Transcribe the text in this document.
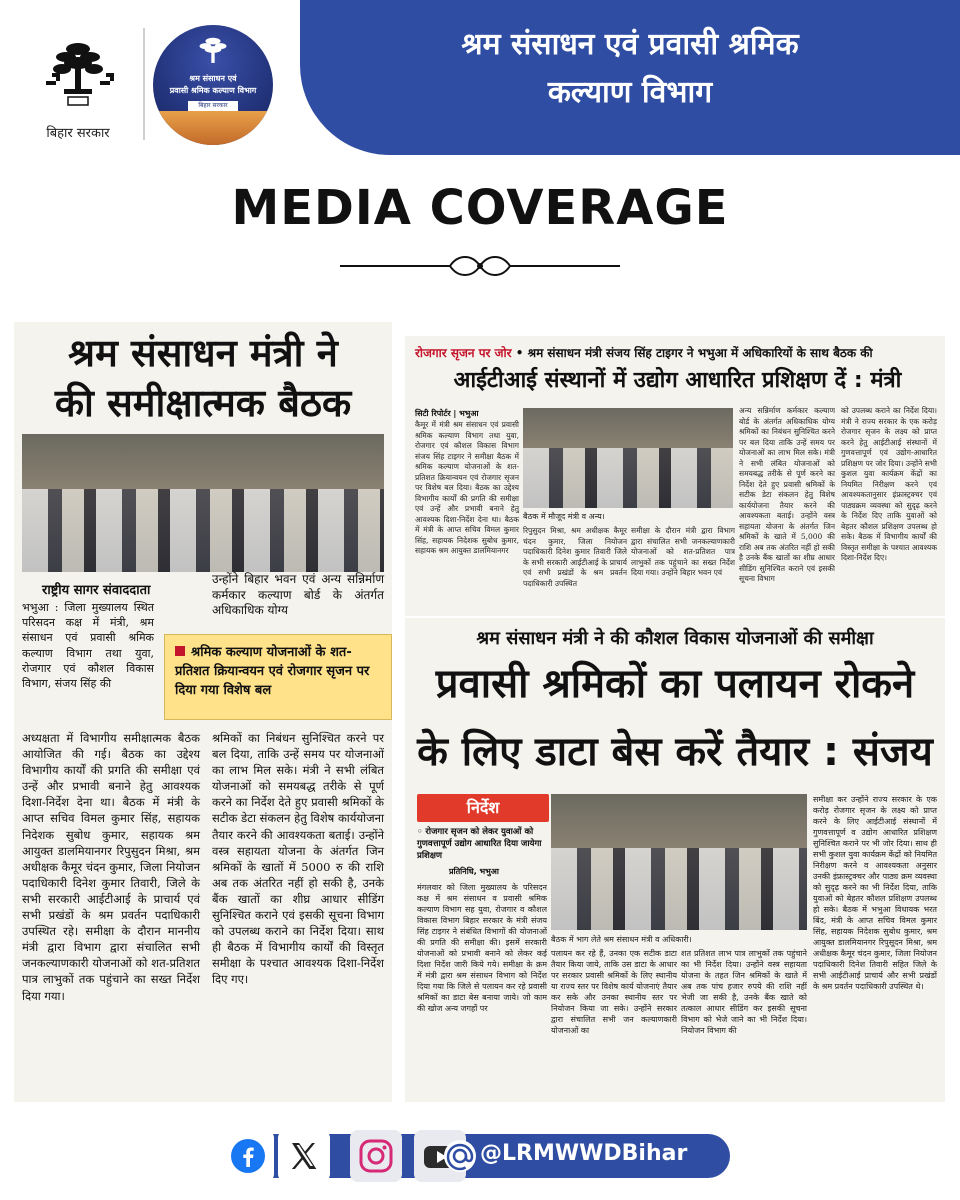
बिहार सरकार
श्रम संसाधन एवं
प्रवासी श्रमिक कल्याण विभाग
बिहार सरकार
श्रम संसाधन एवं प्रवासी श्रमिक
कल्याण विभाग
MEDIA COVERAGE
श्रम संसाधन मंत्री ने
की समीक्षात्मक बैठक
राष्ट्रीय सागर संवाददाता
भभुआ : जिला मुख्यालय स्थित परिसदन कक्ष में मंत्री, श्रम संसाधन एवं प्रवासी श्रमिक कल्याण विभाग तथा युवा, रोजगार एवं कौशल विकास विभाग, संजय सिंह की
उन्होंने बिहार भवन एवं अन्य सन्निर्माण कर्मकार कल्याण बोर्ड के अंतर्गत अधिकाधिक योग्य
श्रमिक कल्याण योजनाओं के शत-प्रतिशत क्रियान्वयन एवं रोजगार सृजन पर दिया गया विशेष बल
अध्यक्षता में विभागीय समीक्षात्मक बैठक आयोजित की गई। बैठक का उद्देश्य विभागीय कार्यों की प्रगति की समीक्षा एवं उन्हें और प्रभावी बनाने हेतु आवश्यक दिशा-निर्देश देना था। बैठक में मंत्री के आप्त सचिव विमल कुमार सिंह, सहायक निदेशक सुबोध कुमार, सहायक श्रम आयुक्त डालमियानगर रिपुसुदन मिश्रा, श्रम अधीक्षक कैमूर चंदन कुमार, जिला नियोजन पदाधिकारी दिनेश कुमार तिवारी, जिले के सभी सरकारी आईटीआई के प्राचार्य एवं सभी प्रखंडों के श्रम प्रवर्तन पदाधिकारी उपस्थित रहे। समीक्षा के दौरान माननीय मंत्री द्वारा विभाग द्वारा संचालित सभी जनकल्याणकारी योजनाओं को शत-प्रतिशत पात्र लाभुकों तक पहुंचाने का सख्त निर्देश दिया गया।
श्रमिकों का निबंधन सुनिश्चित करने पर बल दिया, ताकि उन्हें समय पर योजनाओं का लाभ मिल सके। मंत्री ने सभी लंबित योजनाओं को समयबद्ध तरीके से पूर्ण करने का निर्देश देते हुए प्रवासी श्रमिकों के सटीक डेटा संकलन हेतु विशेष कार्ययोजना तैयार करने की आवश्यकता बताई। उन्होंने वस्त्र सहायता योजना के अंतर्गत जिन श्रमिकों के खातों में 5000 रु की राशि अब तक अंतरित नहीं हो सकी है, उनके बैंक खातों का शीघ्र आधार सीडिंग सुनिश्चित कराने एवं इसकी सूचना विभाग को उपलब्ध कराने का निर्देश दिया। साथ ही बैठक में विभागीय कार्यों की विस्तृत समीक्षा के पश्चात आवश्यक दिशा-निर्देश दिए गए।
रोजगार सृजन पर जोर • श्रम संसाधन मंत्री संजय सिंह टाइगर ने भभुआ में अधिकारियों के साथ बैठक की
आईटीआई संस्थानों में उद्योग आधारित प्रशिक्षण दें : मंत्री
सिटी रिपोर्टर | भभुआ
कैमूर में मंत्री श्रम संसाधन एवं प्रवासी श्रमिक कल्याण विभाग तथा युवा, रोजगार एवं कौशल विकास विभाग संजय सिंह टाइगर ने समीक्षा बैठक में श्रमिक कल्याण योजनाओं के शत-प्रतिशत क्रियान्वयन एवं रोजगार सृजन पर विशेष बल दिया। बैठक का उद्देश्य विभागीय कार्यों की प्रगति की समीक्षा एवं उन्हें और प्रभावी बनाने हेतु आवश्यक दिशा-निर्देश देना था। बैठक में मंत्री के आप्त सचिव विमल कुमार सिंह, सहायक निदेशक सुबोध कुमार, सहायक श्रम आयुक्त डालमियानगर
बैठक में मौजूद मंत्री व अन्य।
रिपुसुदन मिश्रा, श्रम अधीक्षक कैमूर चंदन कुमार, जिला नियोजन पदाधिकारी दिनेश कुमार तिवारी जिले के सभी सरकारी आईटीआई के प्राचार्य एवं सभी प्रखंडों के श्रम प्रवर्तन पदाधिकारी उपस्थित
समीक्षा के दौरान मंत्री द्वारा विभाग द्वारा संचालित सभी जनकल्याणकारी योजनाओं को शत-प्रतिशत पात्र लाभुकों तक पहुंचाने का सख्त निर्देश दिया गया। उन्होंने बिहार भवन एवं
अन्य सन्निर्माण कर्मकार कल्याण बोर्ड के अंतर्गत अधिकाधिक योग्य श्रमिकों का निबंधन सुनिश्चित करने पर बल दिया ताकि उन्हें समय पर योजनाओं का लाभ मिल सके। मंत्री ने सभी लंबित योजनाओं को समयबद्ध तरीके से पूर्ण करने का निर्देश देते हुए प्रवासी श्रमिकों के सटीक डेटा संकलन हेतु विशेष कार्ययोजना तैयार करने की आवश्यकता बताई। उन्होंने वस्त्र सहायता योजना के अंतर्गत जिन श्रमिकों के खाते में 5,000 की राशि अब तक अंतरित नहीं हो सकी है उनके बैंक खातों का शीघ्र आधार सीडिंग सुनिश्चित कराने एवं इसकी सूचना विभाग
को उपलब्ध कराने का निर्देश दिया। मंत्री ने राज्य सरकार के एक करोड़ रोजगार सृजन के लक्ष्य को प्राप्त करने हेतु आईटीआई संस्थानों में गुणवत्तापूर्ण एवं उद्योग-आधारित प्रशिक्षण पर जोर दिया। उन्होंने सभी कुशल युवा कार्यक्रम केंद्रों का नियमित निरीक्षण करने एवं आवश्यकतानुसार इंफ्रास्ट्रक्चर एवं पाठ्यक्रम व्यवस्था को सुदृढ़ करने के निर्देश दिए ताकि युवाओं को बेहतर कौशल प्रशिक्षण उपलब्ध हो सके। बैठक में विभागीय कार्यों की विस्तृत समीक्षा के पश्चात आवश्यक दिशा-निर्देश दिए।
श्रम संसाधन मंत्री ने की कौशल विकास योजनाओं की समीक्षा
प्रवासी श्रमिकों का पलायन रोकने
के लिए डाटा बेस करें तैयार : संजय
निर्देश
◦ रोजगार सृजन को लेकर युवाओं को गुणवत्तापूर्ण उद्योग आधारित दिया जायेगा प्रशिक्षण
प्रतिनिधि, भभुआ
बैठक में भाग लेते श्रम संसाधन मंत्री व अधिकारी।
मंगलवार को जिला मुख्यालय के परिसदन कक्ष में श्रम संसाधन व प्रवासी श्रमिक कल्याण विभाग सह युवा, रोजगार व कौशल विकास विभाग बिहार सरकार के मंत्री संजय सिंह टाइगर ने संबंधित विभागों की योजनाओं की प्रगति की समीक्षा की। इसमें सरकारी योजनाओं को प्रभावी बनाने को लेकर कई दिशा निर्देश जारी किये गये। समीक्षा के क्रम में मंत्री द्वारा श्रम संसाधन विभाग को निर्देश दिया गया कि जिले से पलायन कर रहे प्रवासी श्रमिकों का डाटा बेस बनाया जाये। जो काम की खोज अन्य जगहों पर
पलायन कर रहे हैं, उनका एक सटीक डाटा तैयार किया जाये, ताकि उस डाटा के आधार पर सरकार प्रवासी श्रमिकों के लिए स्थानीय या राज्य स्तर पर विशेष कार्य योजनाएं तैयार कर सके और उनका स्थानीय स्तर पर नियोजन किया जा सके। उन्होंने सरकार द्वारा संचालित सभी जन कल्याणकारी योजनाओं का
शत प्रतिशत लाभ पात्र लाभुकों तक पहुंचाने का भी निर्देश दिया। उन्होंने वस्त्र सहायता योजना के तहत जिन श्रमिकों के खाते में अब तक पांच हजार रुपये की राशि नहीं भेजी जा सकी है, उनके बैंक खाते को तत्काल आधार सीडिंग कर इसकी सूचना विभाग को भेजे जाने का भी निर्देश दिया। नियोजन विभाग की
समीक्षा कर उन्होंने राज्य सरकार के एक करोड़ रोजगार सृजन के लक्ष्य को प्राप्त करने के लिए आईटीआई संस्थानों में गुणवत्तापूर्ण व उद्योग आधारित प्रशिक्षण सुनिश्चित कराने पर भी जोर दिया। साथ ही सभी कुशल युवा कार्यक्रम केंद्रों को नियमित निरीक्षण करने व आवश्यकता अनुसार उनकी इंफ्रास्ट्रक्चर और पाठ्य क्रम व्यवस्था को सुदृढ़ करने का भी निर्देश दिया, ताकि युवाओं को बेहतर कौशल प्रशिक्षण उपलब्ध हो सके। बैठक में भभुआ विधायक भरत बिंद, मंत्री के आप्त सचिव विमल कुमार सिंह, सहायक निदेशक सुबोध कुमार, श्रम आयुक्त डालमियानगर रिपुसूदन मिश्रा, श्रम अधीक्षक कैमूर चंदन कुमार, जिला नियोजन पदाधिकारी दिनेश तिवारी सहित जिले के सभी आईटीआई प्राचार्य और सभी प्रखंडों के श्रम प्रवर्तन पदाधिकारी उपस्थित थे।
@LRMWWDBihar
